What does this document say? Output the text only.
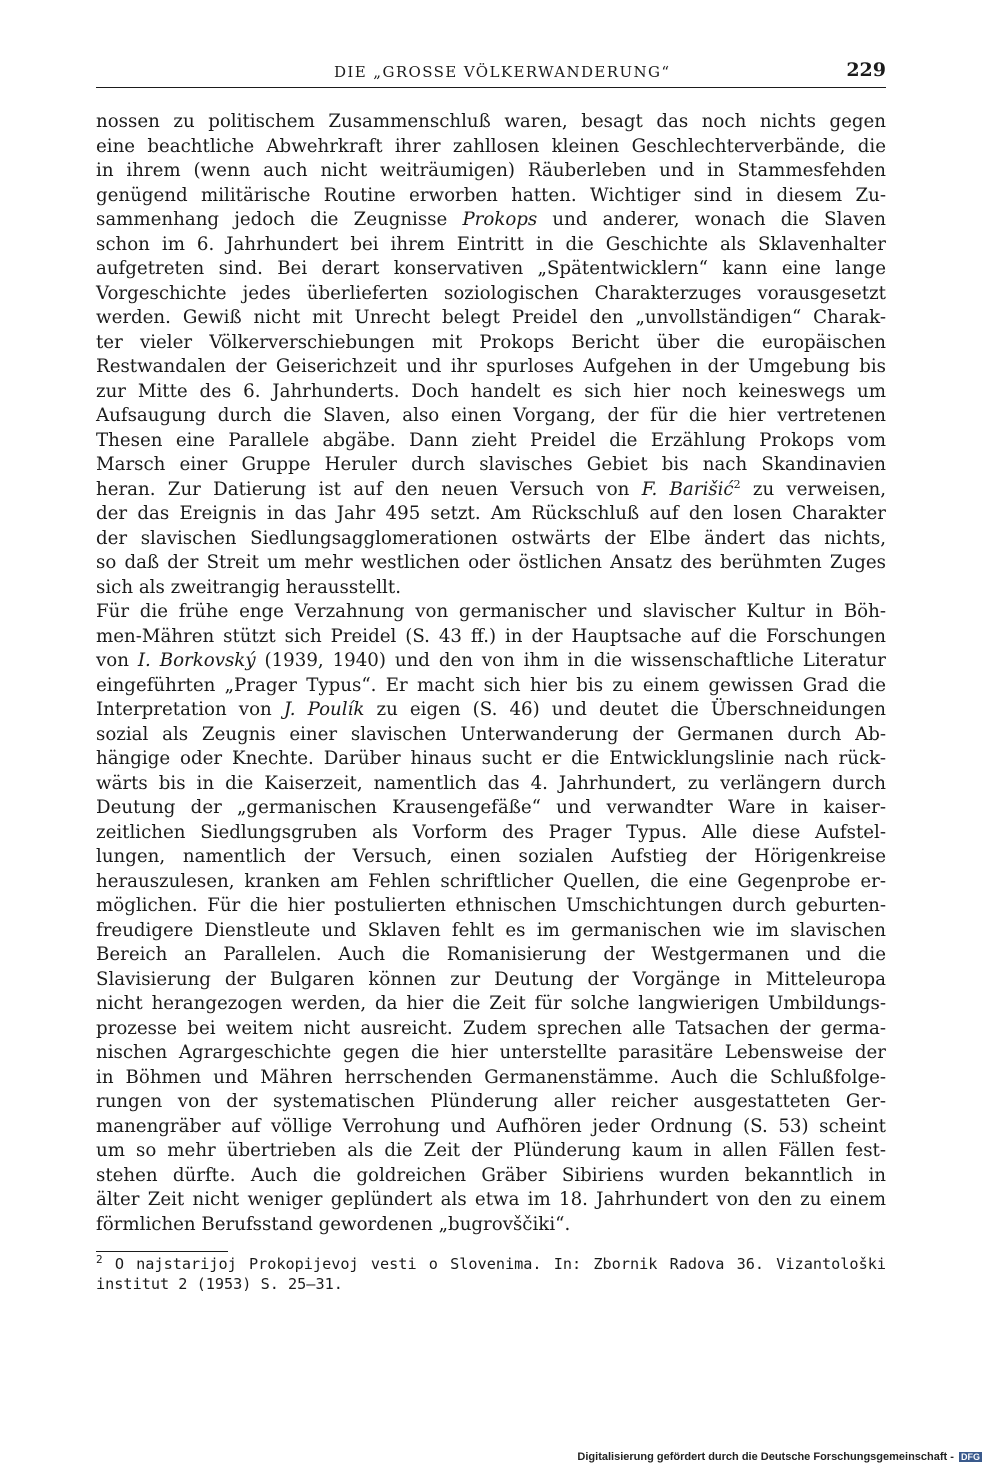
DIE „GROSSE VÖLKERWANDERUNG“	229
nossen zu politischem Zusammenschluß waren, besagt das noch nichts gegen
eine beachtliche Abwehrkraft ihrer zahllosen kleinen Geschlechterverbände, die
in ihrem (wenn auch nicht weiträumigen) Räuberleben und in Stammesfehden
genügend militärische Routine erworben hatten. Wichtiger sind in diesem Zu-
sammenhang jedoch die Zeugnisse Prokops und anderer, wonach die Slaven
schon im 6. Jahrhundert bei ihrem Eintritt in die Geschichte als Sklavenhalter
aufgetreten sind. Bei derart konservativen „Spätentwicklern“ kann eine lange
Vorgeschichte jedes überlieferten soziologischen Charakterzuges vorausgesetzt
werden. Gewiß nicht mit Unrecht belegt Preidel den „unvollständigen“ Charak-
ter vieler Völkerverschiebungen mit Prokops Bericht über die europäischen
Restwandalen der Geiserichzeit und ihr spurloses Aufgehen in der Umgebung bis
zur Mitte des 6. Jahrhunderts. Doch handelt es sich hier noch keineswegs um
Aufsaugung durch die Slaven, also einen Vorgang, der für die hier vertretenen
Thesen eine Parallele abgäbe. Dann zieht Preidel die Erzählung Prokops vom
Marsch einer Gruppe Heruler durch slavisches Gebiet bis nach Skandinavien
heran. Zur Datierung ist auf den neuen Versuch von F. Barišić$^2$ zu verweisen,
der das Ereignis in das Jahr 495 setzt. Am Rückschluß auf den losen Charakter
der slavischen Siedlungsagglomerationen ostwärts der Elbe ändert das nichts,
so daß der Streit um mehr westlichen oder östlichen Ansatz des berühmten Zuges
sich als zweitrangig herausstellt.
Für die frühe enge Verzahnung von germanischer und slavischer Kultur in Böh-
men-Mähren stützt sich Preidel (S. 43 ff.) in der Hauptsache auf die Forschungen
von I. Borkovský (1939, 1940) und den von ihm in die wissenschaftliche Literatur
eingeführten „Prager Typus“. Er macht sich hier bis zu einem gewissen Grad die
Interpretation von J. Poulík zu eigen (S. 46) und deutet die Überschneidungen
sozial als Zeugnis einer slavischen Unterwanderung der Germanen durch Ab-
hängige oder Knechte. Darüber hinaus sucht er die Entwicklungslinie nach rück-
wärts bis in die Kaiserzeit, namentlich das 4. Jahrhundert, zu verlängern durch
Deutung der „germanischen Krausengefäße“ und verwandter Ware in kaiser-
zeitlichen Siedlungsgruben als Vorform des Prager Typus. Alle diese Aufstel-
lungen, namentlich der Versuch, einen sozialen Aufstieg der Hörigenkreise
herauszulesen, kranken am Fehlen schriftlicher Quellen, die eine Gegenprobe er-
möglichen. Für die hier postulierten ethnischen Umschichtungen durch geburten-
freudigere Dienstleute und Sklaven fehlt es im germanischen wie im slavischen
Bereich an Parallelen. Auch die Romanisierung der Westgermanen und die
Slavisierung der Bulgaren können zur Deutung der Vorgänge in Mitteleuropa
nicht herangezogen werden, da hier die Zeit für solche langwierigen Umbildungs-
prozesse bei weitem nicht ausreicht. Zudem sprechen alle Tatsachen der germa-
nischen Agrargeschichte gegen die hier unterstellte parasitäre Lebensweise der
in Böhmen und Mähren herrschenden Germanenstämme. Auch die Schlußfolge-
rungen von der systematischen Plünderung aller reicher ausgestatteten Ger-
manengräber auf völlige Verrohung und Aufhören jeder Ordnung (S. 53) scheint
um so mehr übertrieben als die Zeit der Plünderung kaum in allen Fällen fest-
stehen dürfte. Auch die goldreichen Gräber Sibiriens wurden bekanntlich in
älter Zeit nicht weniger geplündert als etwa im 18. Jahrhundert von den zu einem
förmlichen Berufsstand gewordenen „bugrovščiki“.
$^2$ O najstarijoj Prokopijevoj vesti o Slovenima. In: Zbornik Radova 36. Vizantološki
institut 2 (1953) S. 25—31.
Digitalisierung gefördert durch die Deutsche Forschungsgemeinschaft - DFG
